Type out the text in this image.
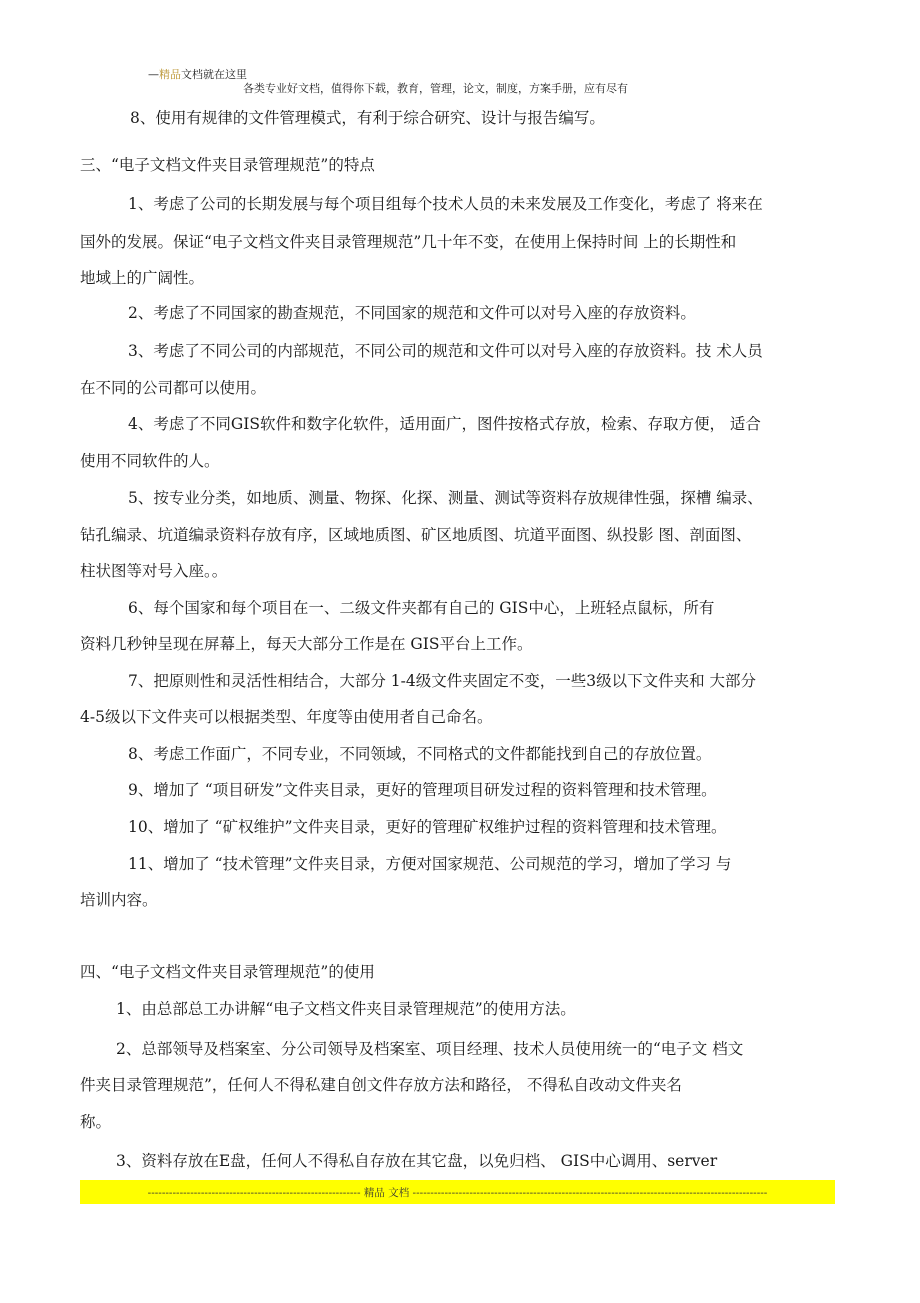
—精品文档就在这里
各类专业好文档，值得你下载，教育，管理，论文，制度，方案手册，应有尽有
8、使用有规律的文件管理模式，有利于综合研究、设计与报告编写。
三、“电子文档文件夹目录管理规范”的特点
1、考虑了公司的长期发展与每个项目组每个技术人员的未来发展及工作变化，考虑了 将来在
国外的发展。保证“电子文档文件夹目录管理规范”几十年不变，在使用上保持时间 上的长期性和
地域上的广阔性。
2、考虑了不同国家的勘查规范，不同国家的规范和文件可以对号入座的存放资料。
3、考虑了不同公司的内部规范，不同公司的规范和文件可以对号入座的存放资料。技 术人员
在不同的公司都可以使用。
4、考虑了不同GIS软件和数字化软件，适用面广，图件按格式存放，检索、存取方便， 适合
使用不同软件的人。
5、按专业分类，如地质、测量、物探、化探、测量、测试等资料存放规律性强，探槽 编录、
钻孔编录、坑道编录资料存放有序，区域地质图、矿区地质图、坑道平面图、纵投影 图、剖面图、
柱状图等对号入座。。
6、每个国家和每个项目在一、二级文件夹都有自己的 GIS中心，上班轻点鼠标，所有
资料几秒钟呈现在屏幕上，每天大部分工作是在 GIS平台上工作。
7、把原则性和灵活性相结合，大部分 1-4级文件夹固定不变，一些3级以下文件夹和 大部分
4-5级以下文件夹可以根据类型、年度等由使用者自己命名。
8、考虑工作面广，不同专业，不同领域，不同格式的文件都能找到自己的存放位置。
9、增加了 “项目研发”文件夹目录，更好的管理项目研发过程的资料管理和技术管理。
10、增加了 “矿权维护”文件夹目录，更好的管理矿权维护过程的资料管理和技术管理。
11、增加了 “技术管理”文件夹目录，方便对国家规范、公司规范的学习，增加了学习 与
培训内容。
四、“电子文档文件夹目录管理规范”的使用
1、由总部总工办讲解“电子文档文件夹目录管理规范”的使用方法。
2、总部领导及档案室、分公司领导及档案室、项目经理、技术人员使用统一的“电子文 档文
件夹目录管理规范”，任何人不得私建自创文件存放方法和路径， 不得私自改动文件夹名
称。
3、资料存放在E盘，任何人不得私自存放在其它盘，以免归档、 GIS中心调用、server
------------------------------------------------------------ 精品 文档 ----------------------------------------------------------------------------------------------------
